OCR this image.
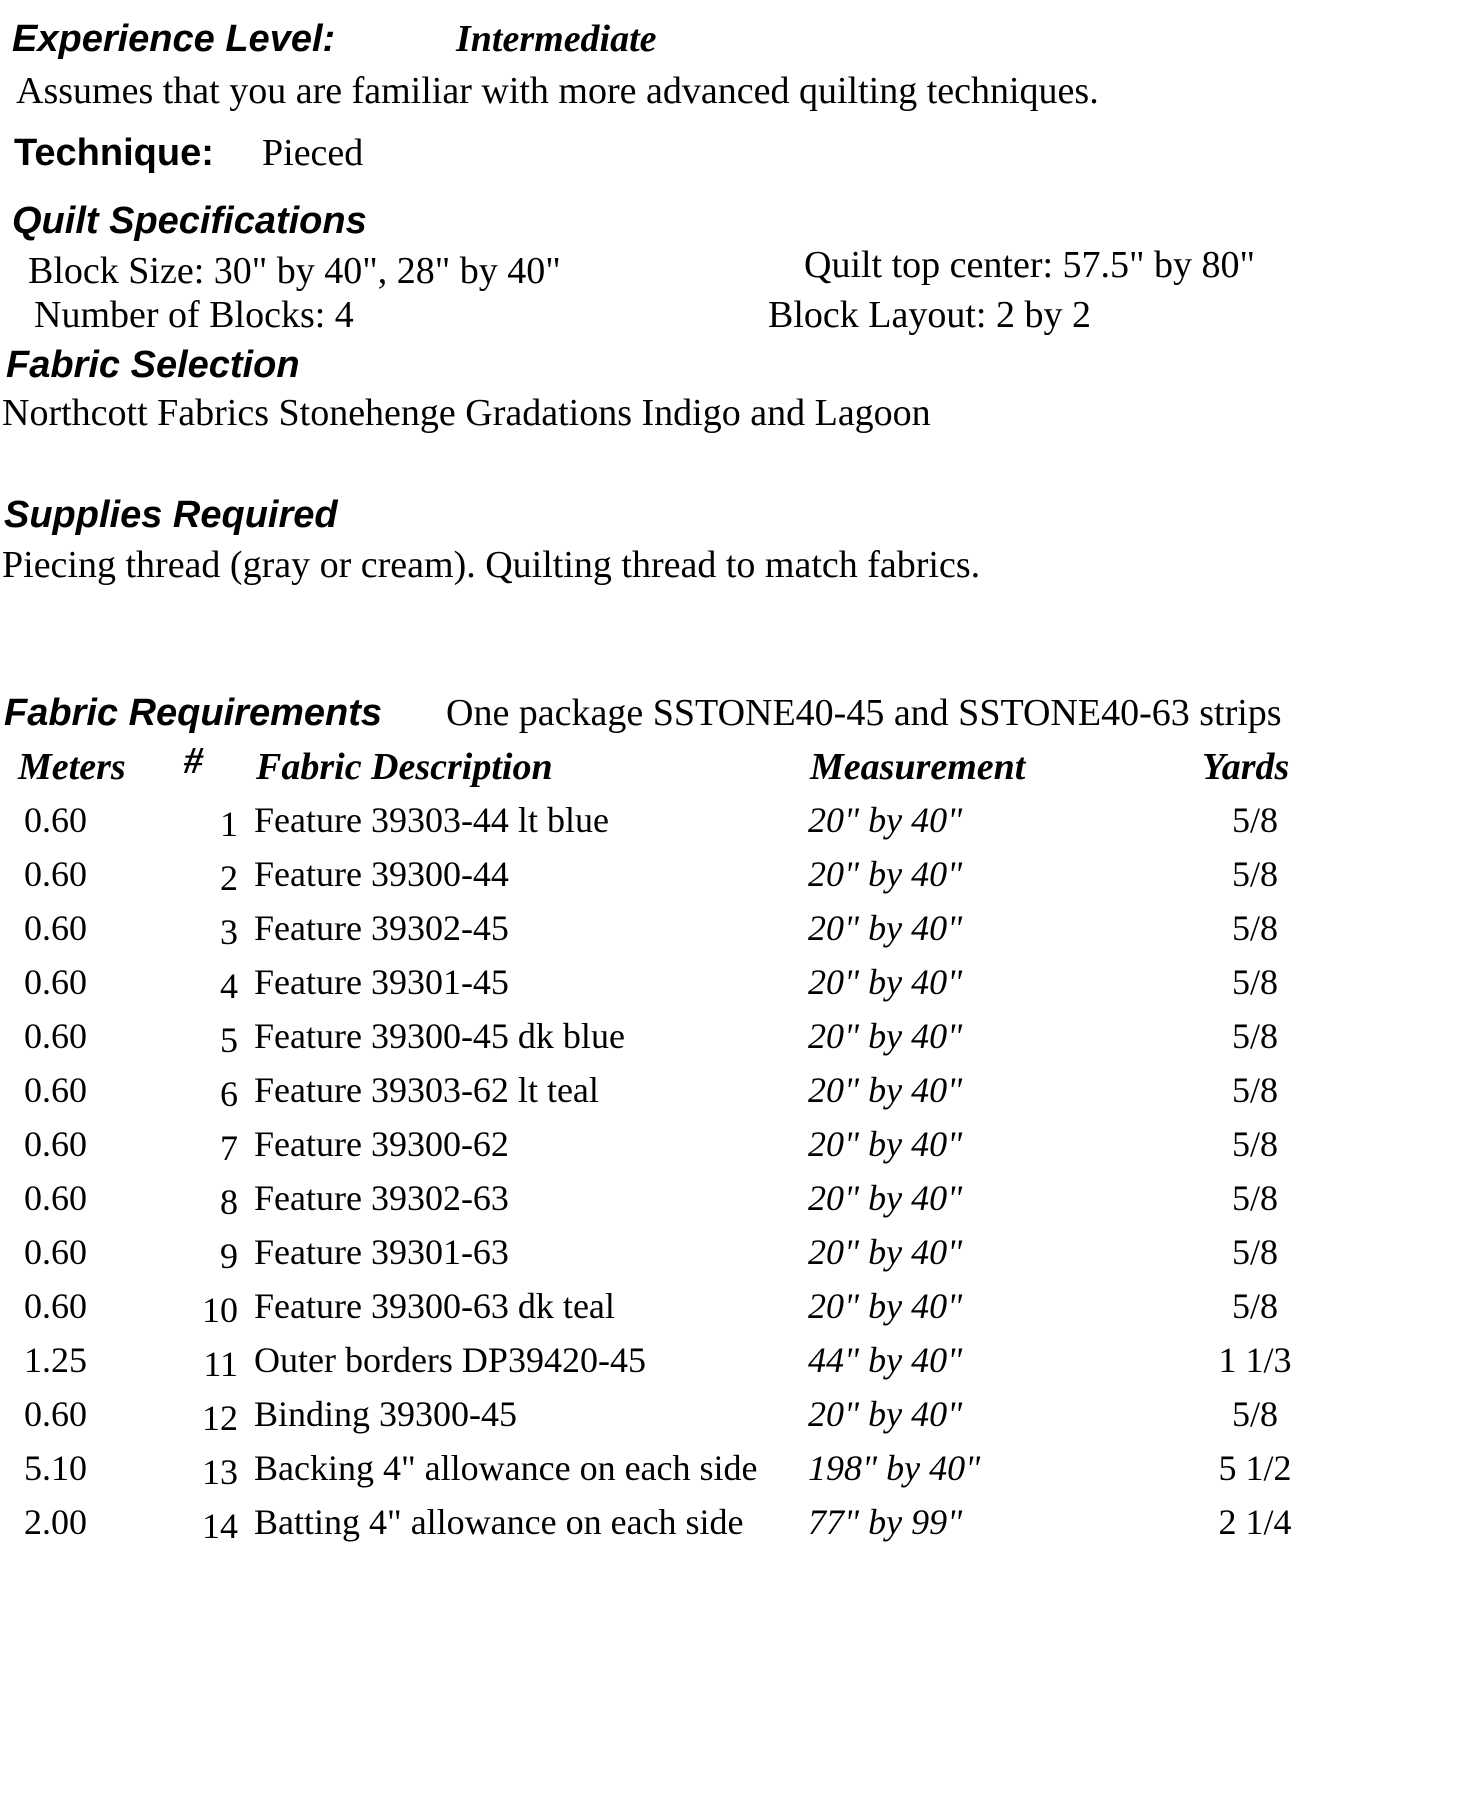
Experience Level:	Intermediate
Assumes that you are familiar with more advanced quilting techniques.
Technique: Pieced
Quilt Specifications
Block Size: 30" by 40", 28" by 40"
Number of Blocks: 4
Quilt top center: 57.5" by 80"
Block Layout: 2 by 2
Fabric Selection
Northcott Fabrics Stonehenge Gradations Indigo and Lagoon
Supplies Required
Piecing thread (gray or cream). Quilting thread to match fabrics.
Fabric Requirements One package SSTONE40-45 and SSTONE40-63 strips
Meters # Fabric Description	Measurement	Yards
0.60	1 Feature 39303-44 lt blue	20" by 40"	5/8
0.60	2 Feature 39300-44	20" by 40"	5/8
0.60	3 Feature 39302-45	20" by 40"	5/8
0.60	4 Feature 39301-45	20" by 40"	5/8
0.60	5 Feature 39300-45 dk blue	20" by 40"	5/8
0.60	6 Feature 39303-62 lt teal	20" by 40"	5/8
0.60	7 Feature 39300-62	20" by 40"	5/8
0.60	8 Feature 39302-63	20" by 40"	5/8
0.60	9 Feature 39301-63	20" by 40"	5/8
0.60	10 Feature 39300-63 dk teal	20" by 40"	5/8
1.25	11 Outer borders DP39420-45	44" by 40"	1 1/3
0.60	12 Binding 39300-45	20" by 40"	5/8
5.10	13 Backing 4" allowance on each side 198" by 40"	5 1/2
2.00	14 Batting 4" allowance on each side 77" by 99"	2 1/4
